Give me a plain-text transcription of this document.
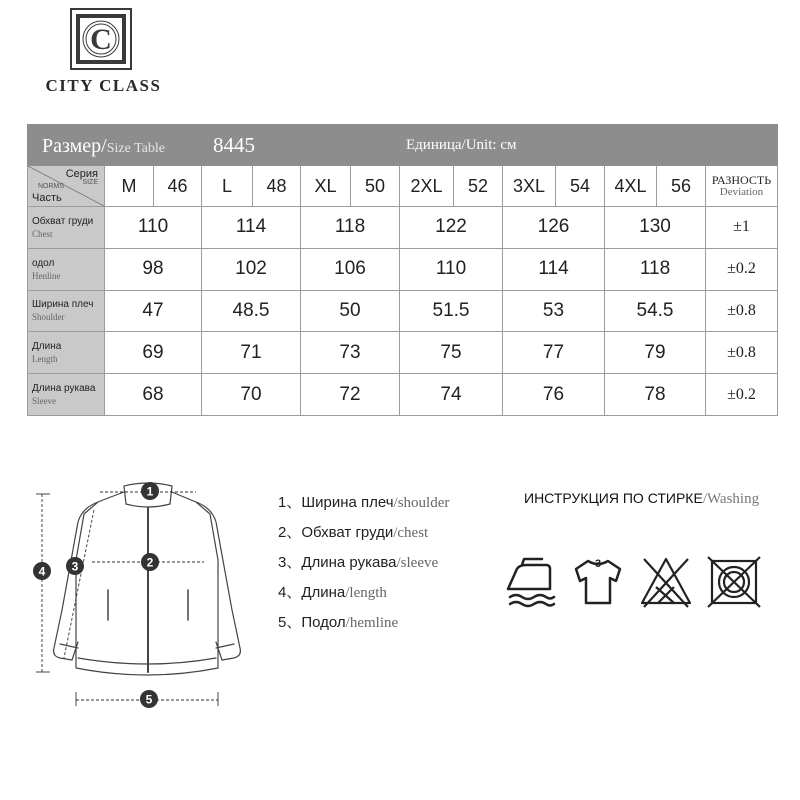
C
CITY CLASS
Размер/Size Table 8445							Единица/Unit: см						

Серия
SIZE
NORMS
Часть	M	46	L	48	XL	50	2XL	52	3XL	54	4XL	56	РАЗНОСТЬ
Deviation

Обхват груди
Chest	110		114		118		122		126		130		±1

одол
Henline	98		102		106		110		114		118		±0.2

Ширина плеч
Shoulder	47		48.5		50		51.5		53		54.5		±0.8

Длина
Length	69		71		73		75		77		79		±0.8

Длина рукава
Sleeve	68		70		72		74		76		78		±0.2
1
2
3
4
5
1、Ширина плеч/shoulder
2、Обхват груди/chest
3、Длина рукава/sleeve
4、Длина/length
5、Подол/hemline
ИНСТРУКЦИЯ ПО СТИРКЕ/Washing
3
